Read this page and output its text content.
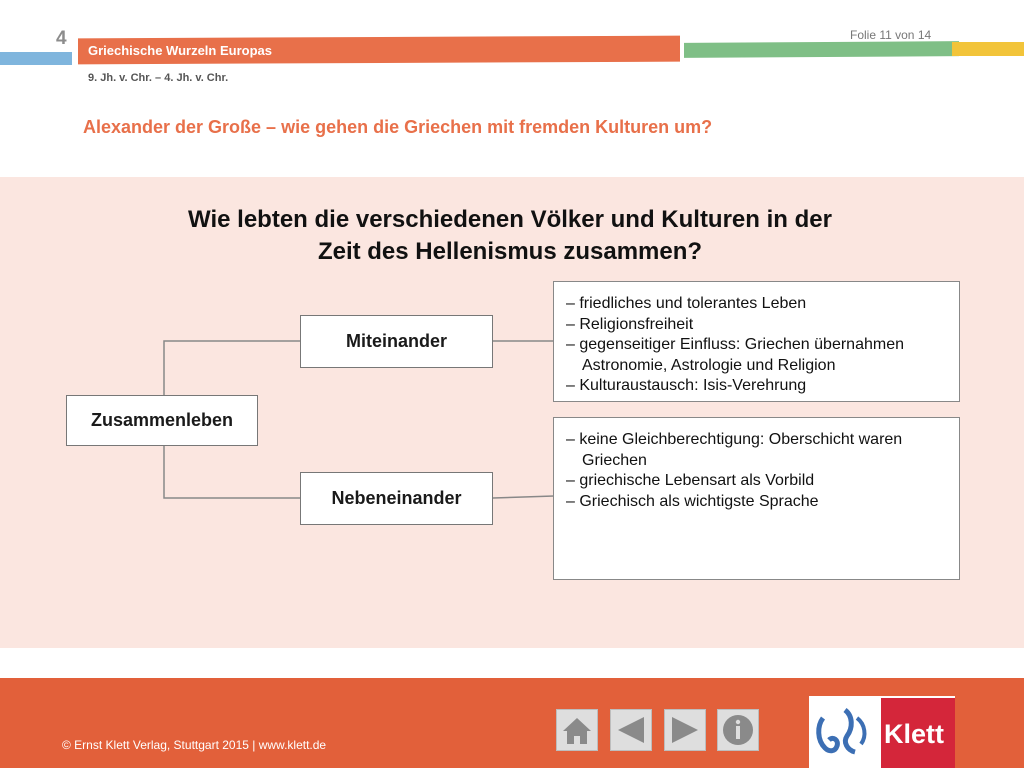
4
Griechische Wurzeln Europas
Folie 11 von 14
9. Jh. v. Chr. – 4. Jh. v. Chr.
Alexander der Große – wie gehen die Griechen mit fremden Kulturen um?
Wie lebten die verschiedenen Völker und Kulturen in der
Zeit des Hellenismus zusammen?
Zusammenleben
Miteinander
Nebeneinander
– friedliches und tolerantes Leben
– Religionsfreiheit
– gegenseitiger Einfluss: Griechen übernahmen Astronomie, Astrologie und Religion
– Kulturaustausch: Isis-Verehrung
– keine Gleichberechtigung: Oberschicht waren Griechen
– griechische Lebensart als Vorbild
– Griechisch als wichtigste Sprache
© Ernst Klett Verlag, Stuttgart 2015 | www.klett.de	Klett
